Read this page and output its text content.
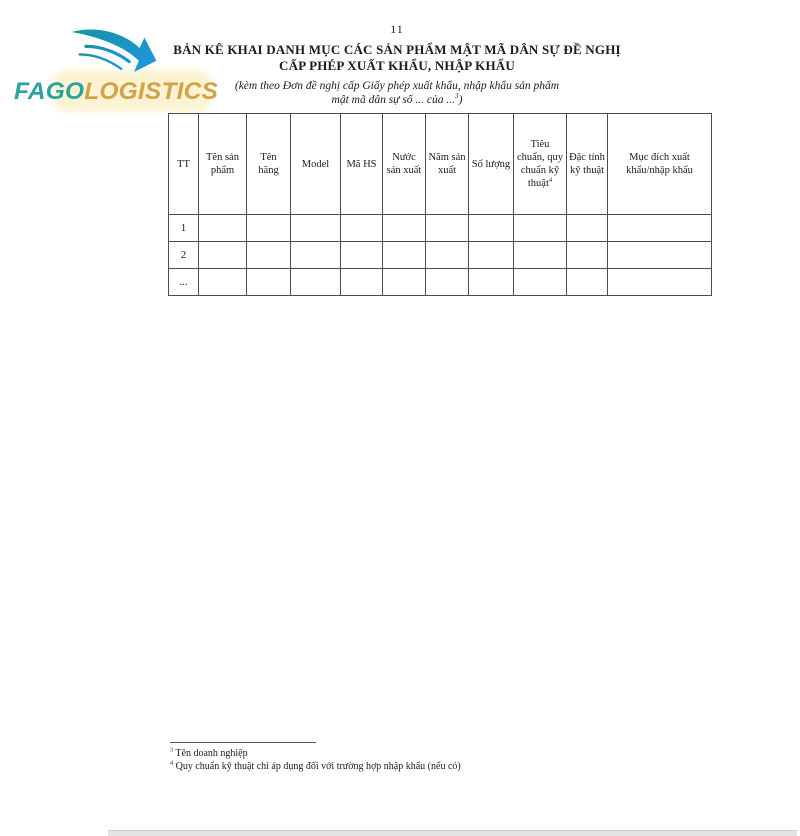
FAGOLOGISTICS
11
BẢN KÊ KHAI DANH MỤC CÁC SẢN PHẨM MẬT MÃ DÂN SỰ ĐỀ NGHỊ
CẤP PHÉP XUẤT KHẨU, NHẬP KHẨU
(kèm theo Đơn đề nghị cấp Giấy phép xuất khẩu, nhập khẩu sản phẩm
mật mã dân sự số ... của ...$^3$)
TT	Tên sản phẩm	Tên hãng	Model	Mã HS	Nước sản xuất	Năm sản xuất	Số lượng	Tiêu chuẩn, quy chuẩn kỹ thuật$^4$	Đặc tính kỹ thuật	Mục đích xuất khẩu/nhập khẩu
1										
2										
...										
$^3$ Tên doanh nghiệp
$^4$ Quy chuẩn kỹ thuật chỉ áp dụng đối với trường hợp nhập khẩu (nếu có)
